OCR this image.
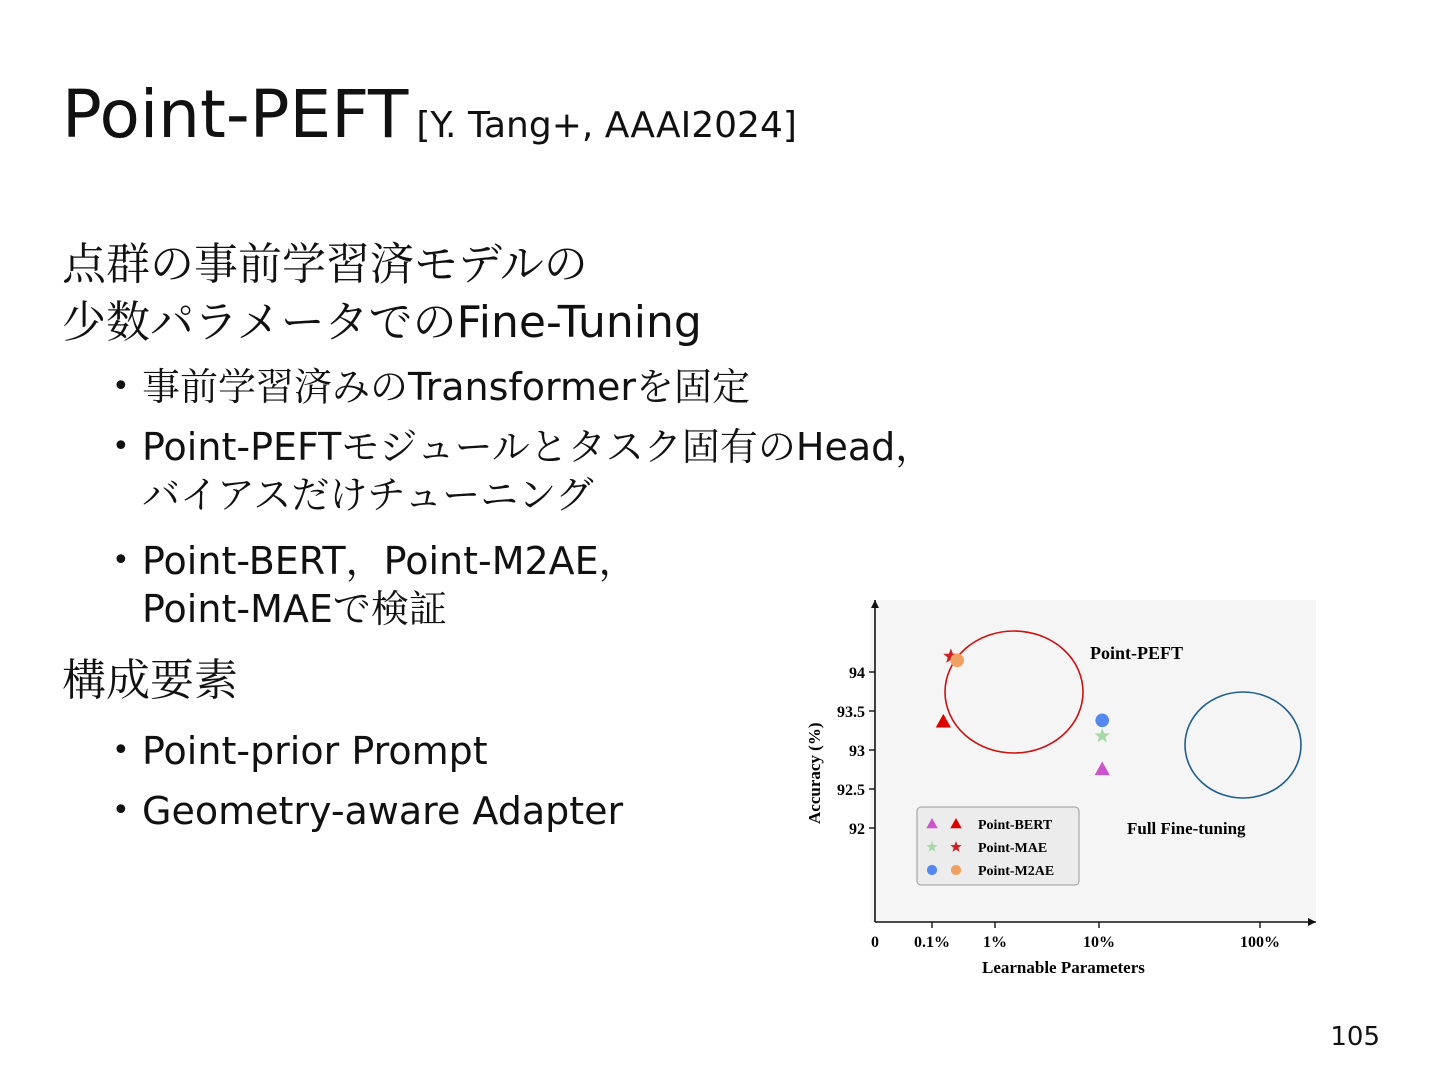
Point-PEFT [Y. Tang+, AAAI2024]
点群の事前学習済モデルの
少数パラメータでのFine-Tuning
• 事前学習済みのTransformerを固定
• Point-PEFTモジュールとタスク固有のHead，
バイアスだけチューニング
• Point-BERT，Point-M2AE，
Point-MAEで検証
構成要素
• Point-prior Prompt
• Geometry-aware Adapter
0 0.1% 1%	10%	100%
92
92.5
93
93.5
94
Point-BERT
Point-MAE
Point-M2AE
Point-PEFT
Full Fine-tuning
Learnable Parameters
Accuracy (%)
105
